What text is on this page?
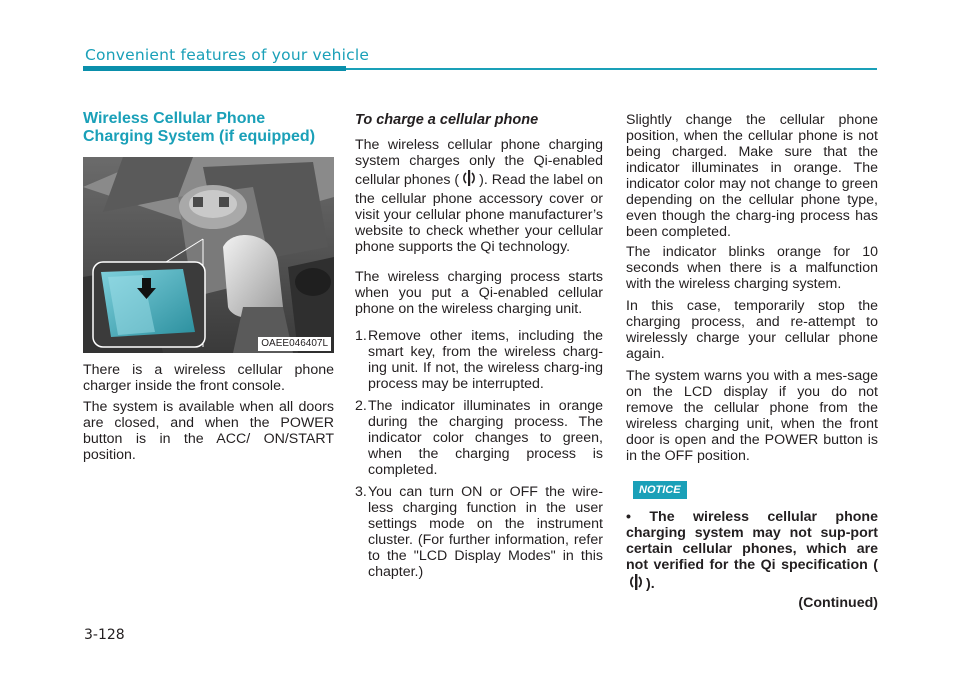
Convenient features of your vehicle
Wireless Cellular Phone Charging System (if equipped)
OAEE046407L

There is a wireless cellular phone charger inside the front console.

The system is available when all doors are closed, and when the POWER button is in the ACC/ ON/START position.

To charge a cellular phone

The wireless cellular phone charging system charges only the Qi-enabled cellular phones ( ). Read the label on the cellular phone accessory cover or visit your cellular phone manufacturer’s website to check whether your cellular phone supports the Qi technology.

The wireless charging process starts when you put a Qi-enabled cellular phone on the wireless charging unit.

1. Remove other items, including the smart key, from the wireless charg-ing unit. If not, the wireless charg-ing process may be interrupted.
2. The indicator illuminates in orange during the charging process. The indicator color changes to green, when the charging process is completed.
3. You can turn ON or OFF the wire-less charging function in the user settings mode on the instrument cluster. (For further information, refer to the "LCD Display Modes" in this chapter.)

Slightly change the cellular phone position, when the cellular phone is not being charged. Make sure that the indicator illuminates in orange. The indicator color may not change to green depending on the cellular phone type, even though the charg-ing process has been completed.

The indicator blinks orange for 10 seconds when there is a malfunction with the wireless charging system.

In this case, temporarily stop the charging process, and re-attempt to wirelessly charge your cellular phone again.

The system warns you with a mes-sage on the LCD display if you do not remove the cellular phone from the wireless charging unit, when the front door is open and the POWER button is in the OFF position.

NOTICE
• The wireless cellular phone charging system may not sup-port certain cellular phones, which are not verified for the Qi specification ().
(Continued)
3-128
